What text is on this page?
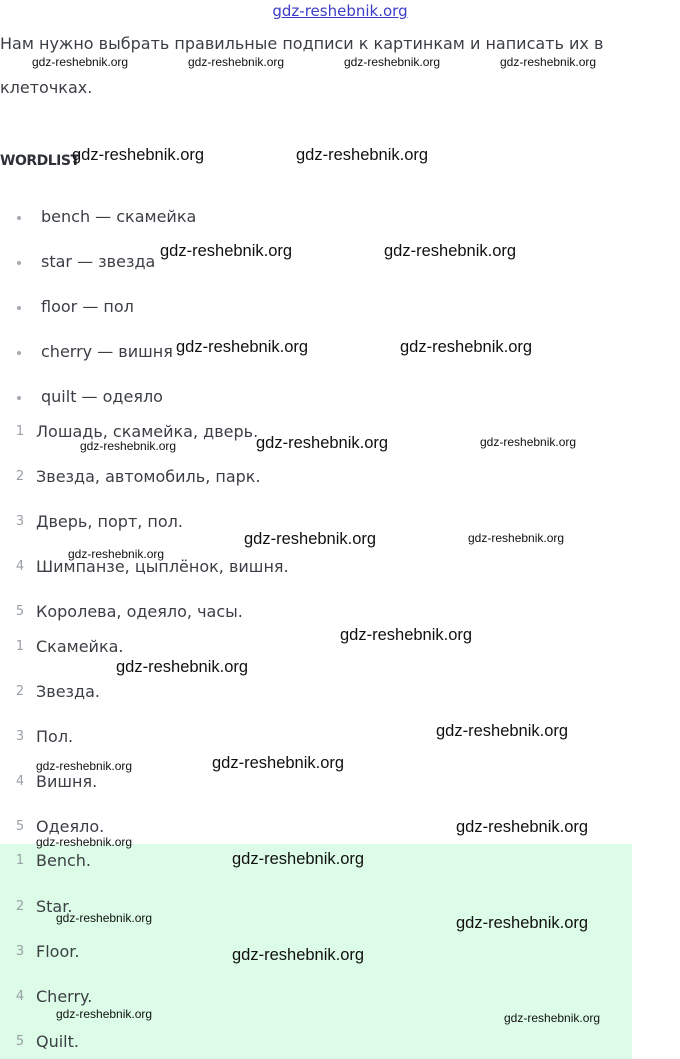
gdz-reshebnik.org

Нам нужно выбрать правильные подписи к картинкам и написать их в
клеточках.

WORDLIST
bench — скамейка
star — звезда
floor — пол
cherry — вишня
quilt — одеяло
1 Лошадь, скамейка, дверь.
2 Звезда, автомобиль, парк.
3 Дверь, порт, пол.
4 Шимпанзе, цыплёнок, вишня.
5 Королева, одеяло, часы.
1 Скамейка.
2 Звезда.
3 Пол.
4 Вишня.
5 Одеяло.
1 Bench.
2 Star.
3 Floor.
4 Cherry.
5 Quilt.
gdz-reshebnik.org	gdz-reshebnik.org	gdz-reshebnik.org	gdz-reshebnik.org
gdz-reshebnik.org	gdz-reshebnik.org
gdz-reshebnik.org	gdz-reshebnik.org
gdz-reshebnik.org	gdz-reshebnik.org
gdz-reshebnik.org	gdz-reshebnik.org	gdz-reshebnik.org
gdz-reshebnik.org	gdz-reshebnik.org
gdz-reshebnik.org
gdz-reshebnik.org
gdz-reshebnik.org
gdz-reshebnik.org
gdz-reshebnik.org
gdz-reshebnik.org
gdz-reshebnik.org
gdz-reshebnik.org
gdz-reshebnik.org
gdz-reshebnik.org	gdz-reshebnik.org
gdz-reshebnik.org
gdz-reshebnik.org	gdz-reshebnik.org
